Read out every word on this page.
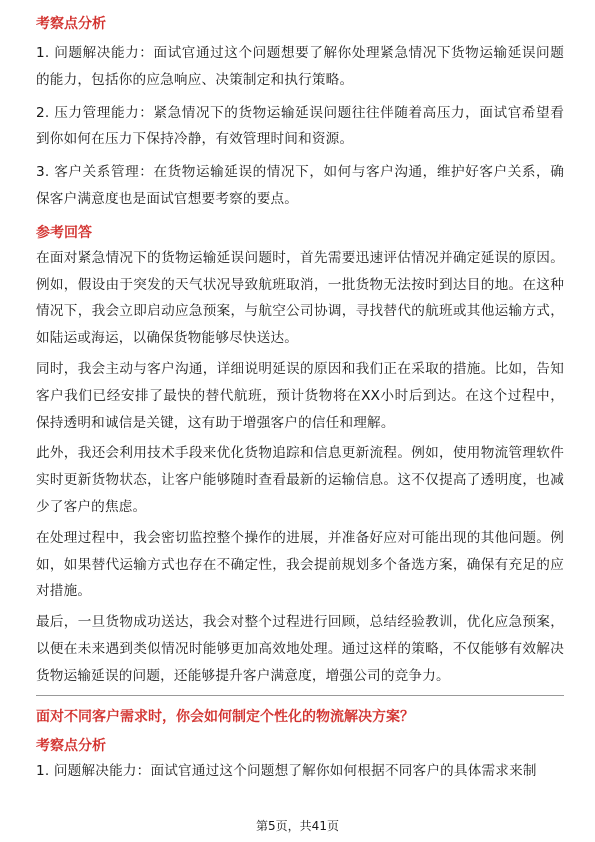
考察点分析

1. 问题解决能力：面试官通过这个问题想要了解你处理紧急情况下货物运输延误问题的能力，包括你的应急响应、决策制定和执行策略。

2. 压力管理能力：紧急情况下的货物运输延误问题往往伴随着高压力，面试官希望看到你如何在压力下保持冷静，有效管理时间和资源。

3. 客户关系管理：在货物运输延误的情况下，如何与客户沟通，维护好客户关系，确保客户满意度也是面试官想要考察的要点。

参考回答

在面对紧急情况下的货物运输延误问题时，首先需要迅速评估情况并确定延误的原因。例如，假设由于突发的天气状况导致航班取消，一批货物无法按时到达目的地。在这种情况下，我会立即启动应急预案，与航空公司协调，寻找替代的航班或其他运输方式，如陆运或海运，以确保货物能够尽快送达。

同时，我会主动与客户沟通，详细说明延误的原因和我们正在采取的措施。比如，告知客户我们已经安排了最快的替代航班，预计货物将在XX小时后到达。在这个过程中，保持透明和诚信是关键，这有助于增强客户的信任和理解。

此外，我还会利用技术手段来优化货物追踪和信息更新流程。例如，使用物流管理软件实时更新货物状态，让客户能够随时查看最新的运输信息。这不仅提高了透明度，也减少了客户的焦虑。

在处理过程中，我会密切监控整个操作的进展，并准备好应对可能出现的其他问题。例如，如果替代运输方式也存在不确定性，我会提前规划多个备选方案，确保有充足的应对措施。

最后，一旦货物成功送达，我会对整个过程进行回顾，总结经验教训，优化应急预案，以便在未来遇到类似情况时能够更加高效地处理。通过这样的策略，不仅能够有效解决货物运输延误的问题，还能够提升客户满意度，增强公司的竞争力。

面对不同客户需求时，你会如何制定个性化的物流解决方案？
考察点分析

1. 问题解决能力：面试官通过这个问题想了解你如何根据不同客户的具体需求来制

第5页，共41页
